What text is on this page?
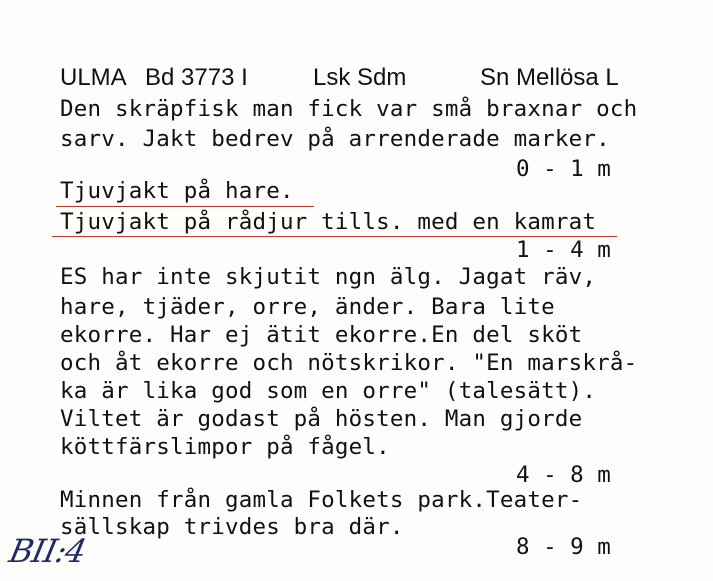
ULMA Bd 3773 I	Lsk Sdm	Sn Mellösa L
Den skräpfisk man fick var små braxnar och
sarv. Jakt bedrev på arrenderade marker.
0 - 1 m
Tjuvjakt på hare.
Tjuvjakt på rådjur tills. med en kamrat
1 - 4 m
ES har inte skjutit ngn älg. Jagat räv,
hare, tjäder, orre, änder. Bara lite
ekorre. Har ej ätit ekorre.En del sköt
och åt ekorre och nötskrikor. "En marskrå-
ka är lika god som en orre" (talesätt).
Viltet är godast på hösten. Man gjorde
köttfärslimpor på fågel.
4 - 8 m
Minnen från gamla Folkets park.Teater-
sällskap trivdes bra där.
8 - 9 m
BII:4
